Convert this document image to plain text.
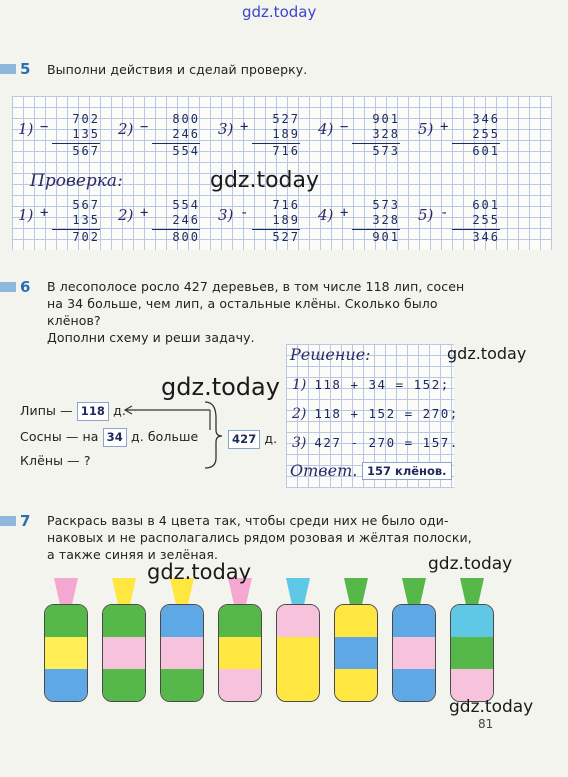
gdz.today
5 Выполни действия и сделай проверку.
1) −	702
135
567
2) −	800
246
554
3) +	527
189
716
4) −	901
328
573
5) +	346
255
601
Проверка:
1) +	567
135
702
2) +	554
246
800
3) -	716
189
527
4) +	573
328
901
5) -	601
255
346
6 В лесополосе росло 427 деревьев, в том числе 118 лип, сосен
на 34 больше, чем лип, а остальные клёны. Сколько было
клёнов?
Дополни схему и реши задачу.
Липы — 118 д.
Сосны — на 34 д. больше
Клёны — ?
427 д.
Решение:
1) 118 + 34 = 152;
2) 118 + 152 = 270;
3) 427 - 270 = 157.
Ответ. 157 клёнов.
7 Раскрась вазы в 4 цвета так, чтобы среди них не было оди-
наковых и не располагались рядом розовая и жёлтая полоски,
а также синяя и зелёная.
81
gdz.today
gdz.today
gdz.today
gdz.today	gdz.today
gdz.today
